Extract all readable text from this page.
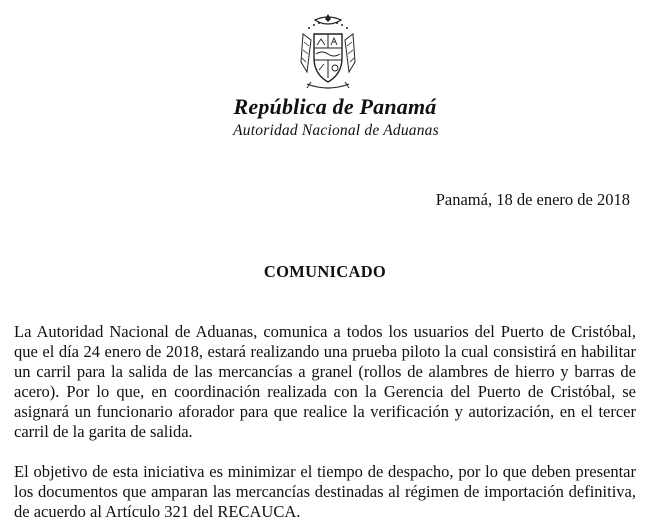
República de Panamá
Autoridad Nacional de Aduanas
Panamá, 18 de enero de 2018
COMUNICADO

La Autoridad Nacional de Aduanas, comunica a todos los usuarios del Puerto de Cristóbal, que el día 24 enero de 2018, estará realizando una prueba piloto la cual consistirá en habilitar un carril para la salida de las mercancías a granel (rollos de alambres de hierro y barras de acero). Por lo que, en coordinación realizada con la Gerencia del Puerto de Cristóbal, se asignará un funcionario aforador para que realice la verificación y autorización, en el tercer carril de la garita de salida.

El objetivo de esta iniciativa es minimizar el tiempo de despacho, por lo que deben presentar los documentos que amparan las mercancías destinadas al régimen de importación definitiva, de acuerdo al Artículo 321 del RECAUCA.
